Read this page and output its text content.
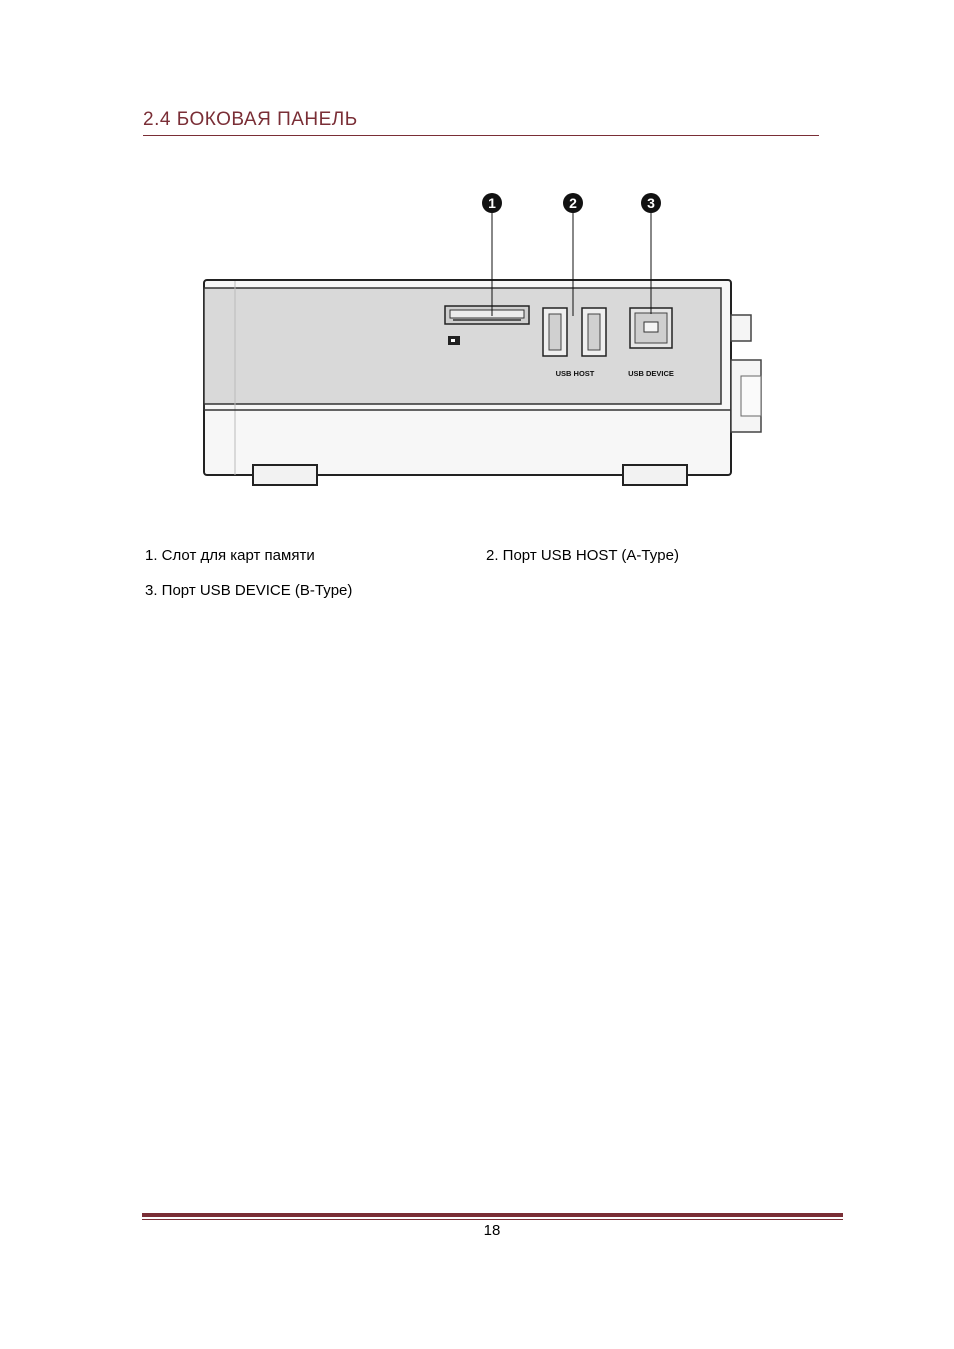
2.4 БОКОВАЯ ПАНЕЛЬ
USB HOST	USB DEVICE
1	2	3
1. Слот для карт памяти	2. Порт USB HOST (A-Type)
3. Порт USB DEVICE (B-Type)
18
